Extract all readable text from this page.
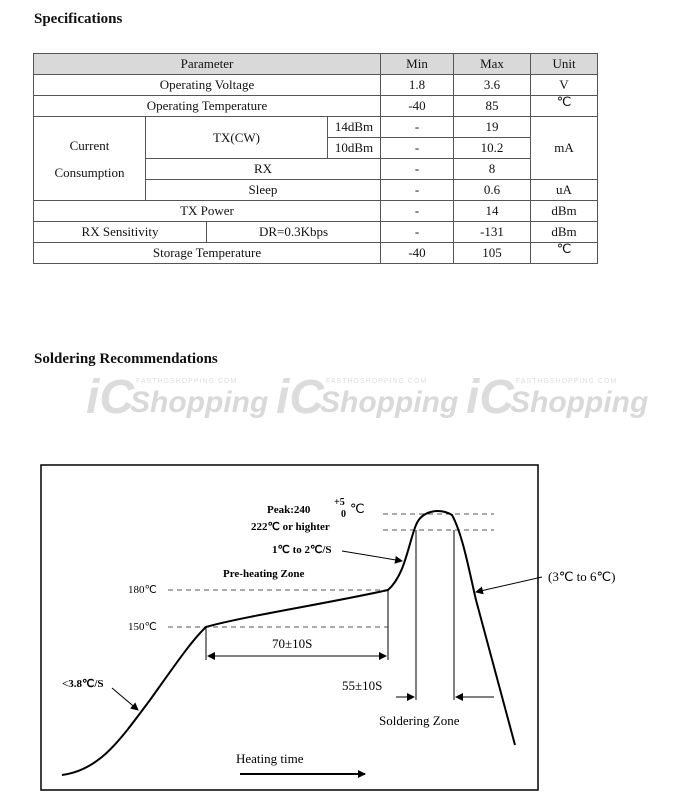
Specifications
Parameter				Min	Max	Unit
Operating Voltage				1.8	3.6	V
Operating Temperature				-40	85	℃
Current
Consumption	TX(CW)		14dBm	-	19	mA
			10dBm	-	10.2	
	RX			-	8	
	Sleep			-	0.6	uA
TX Power				-	14	dBm
RX Sensitivity		DR=0.3Kbps		-	-131	dBm
Storage Temperature				-40	105	℃
Soldering Recommendations
iC FASTHGSHOPPING.COM
Shopping iC FASTHGSHOPPING.COM
Shopping iC FASTHGSHOPPING.COM
Shopping
Peak:240
+5
0 ℃
222℃ or highter
1℃ to 2℃/S
Pre-heating Zone
180℃
150℃
70±10S
55±10S
Soldering Zone
(3℃ to 6℃)
<3.8℃/S
Heating time
